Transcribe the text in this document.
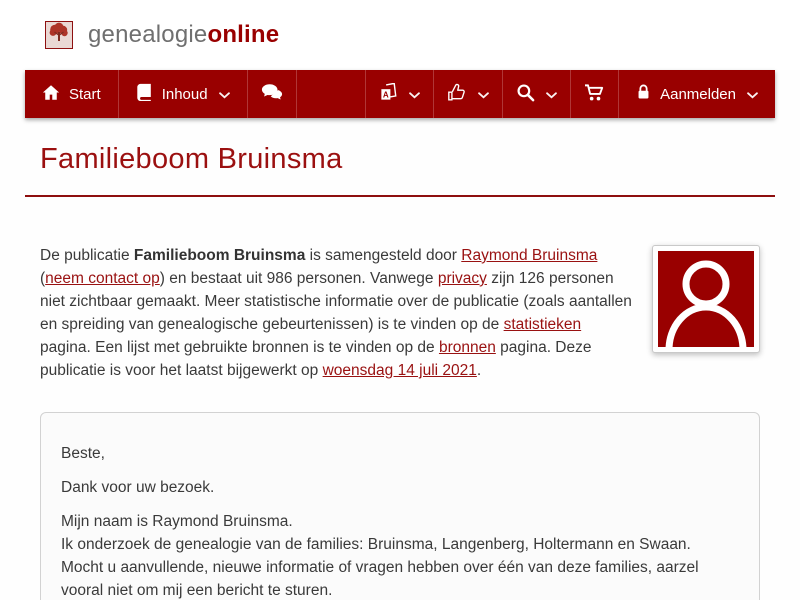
genealogieonline
Start	Inhoud	A	Aanmelden
Familieboom Bruinsma

De publicatie Familieboom Bruinsma is samengesteld door Raymond Bruinsma (neem contact op) en bestaat uit 986 personen. Vanwege privacy zijn 126 personen niet zichtbaar gemaakt. Meer statistische informatie over de publicatie (zoals aantallen en spreiding van genealogische gebeurtenissen) is te vinden op de statistieken pagina. Een lijst met gebruikte bronnen is te vinden op de bronnen pagina. Deze publicatie is voor het laatst bijgewerkt op woensdag 14 juli 2021.

Beste,

Dank voor uw bezoek.

Mijn naam is Raymond Bruinsma.
Ik onderzoek de genealogie van de families: Bruinsma, Langenberg, Holtermann en Swaan.
Mocht u aanvullende, nieuwe informatie of vragen hebben over één van deze families, aarzel vooral niet om mij een bericht te sturen.
